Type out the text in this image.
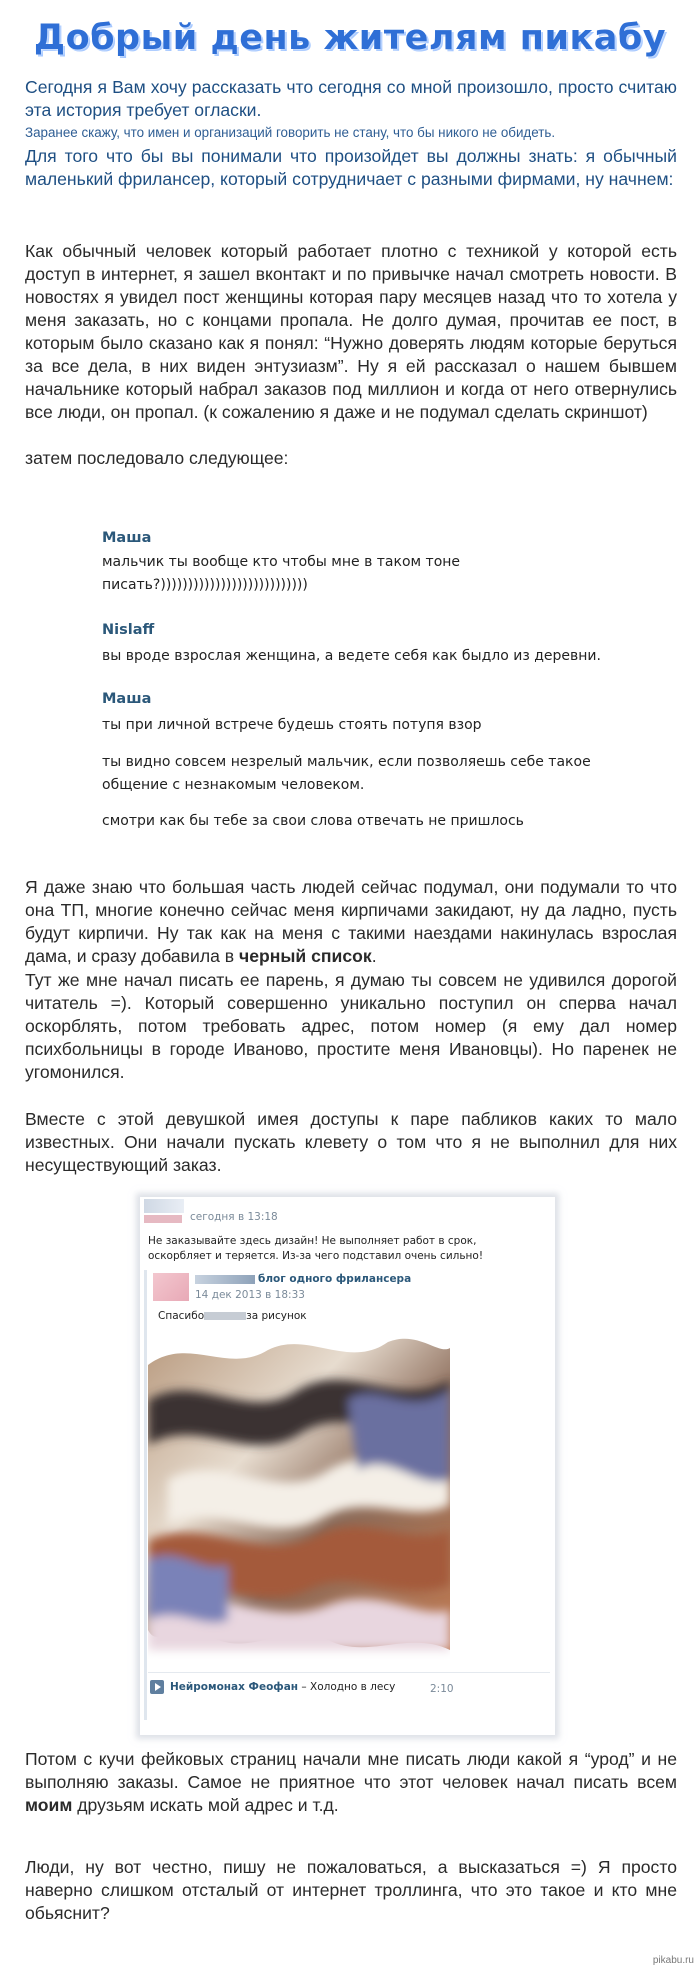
Добрый день жителям пикабу
Сегодня я Вам хочу рассказать что сегодня со мной произошло, просто считаю эта история требует огласки.
Заранее скажу, что имен и организаций говорить не стану, что бы никого не обидеть.
Для того что бы вы понимали что произойдет вы должны знать: я обычный маленький фрилансер, который сотрудничает с разными фирмами, ну начнем:
Как обычный человек который работает плотно с техникой у которой есть доступ в интернет, я зашел вконтакт и по привычке начал смотреть новости. В новостях я увидел пост женщины которая пару месяцев назад что то хотела у меня заказать, но с концами пропала. Не долго думая, прочитав ее пост, в которым было сказано как я понял: “Нужно доверять людям которые беруться за все дела, в них виден энтузиазм”. Ну я ей рассказал о нашем бывшем начальнике который набрал заказов под миллион и когда от него отвернулись все люди, он пропал. (к сожалению я даже и не подумал сделать скриншот)
затем последовало следующее:
Маша
мальчик ты вообще кто чтобы мне в таком тоне
писать?)))))))))))))))))))))))))))
Nislaff
вы вроде взрослая женщина, а ведете себя как быдло из деревни.
Маша
ты при личной встрече будешь стоять потупя взор
ты видно совсем незрелый мальчик, если позволяешь себе такое
общение с незнакомым человеком.
смотри как бы тебе за свои слова отвечать не пришлось
Я даже знаю что большая часть людей сейчас подумал, они подумали то что она ТП, многие конечно сейчас меня кирпичами закидают, ну да ладно, пусть будут кирпичи. Ну так как на меня с такими наездами накинулась взрослая дама, и сразу добавила в черный список.
Тут же мне начал писать ее парень, я думаю ты совсем не удивился дорогой читатель =). Который совершенно уникально поступил он сперва начал оскорблять, потом требовать адрес, потом номер (я ему дал номер психбольницы в городе Иваново, простите меня Ивановцы). Но паренек не угомонился.
Вместе с этой девушкой имея доступы к паре пабликов каких то мало известных. Они начали пускать клевету о том что я не выполнил для них несуществующий заказ.
сегодня в 13:18
Не заказывайте здесь дизайн! Не выполняет работ в срок,
оскорбляет и теряется. Из-за чего подставил очень сильно!
блог одного фрилансера
14 дек 2013 в 18:33
Спасибо	за рисунок
Нейромонах Феофан – Холодно в лесу	2:10
Потом с кучи фейковых страниц начали мне писать люди какой я “урод” и не выполняю заказы. Самое не приятное что этот человек начал писать всем моим друзьям искать мой адрес и т.д.
Люди, ну вот честно, пишу не пожаловаться, а высказаться =) Я просто наверно слишком отсталый от интернет троллинга, что это такое и кто мне обьяснит?
pikabu.ru
